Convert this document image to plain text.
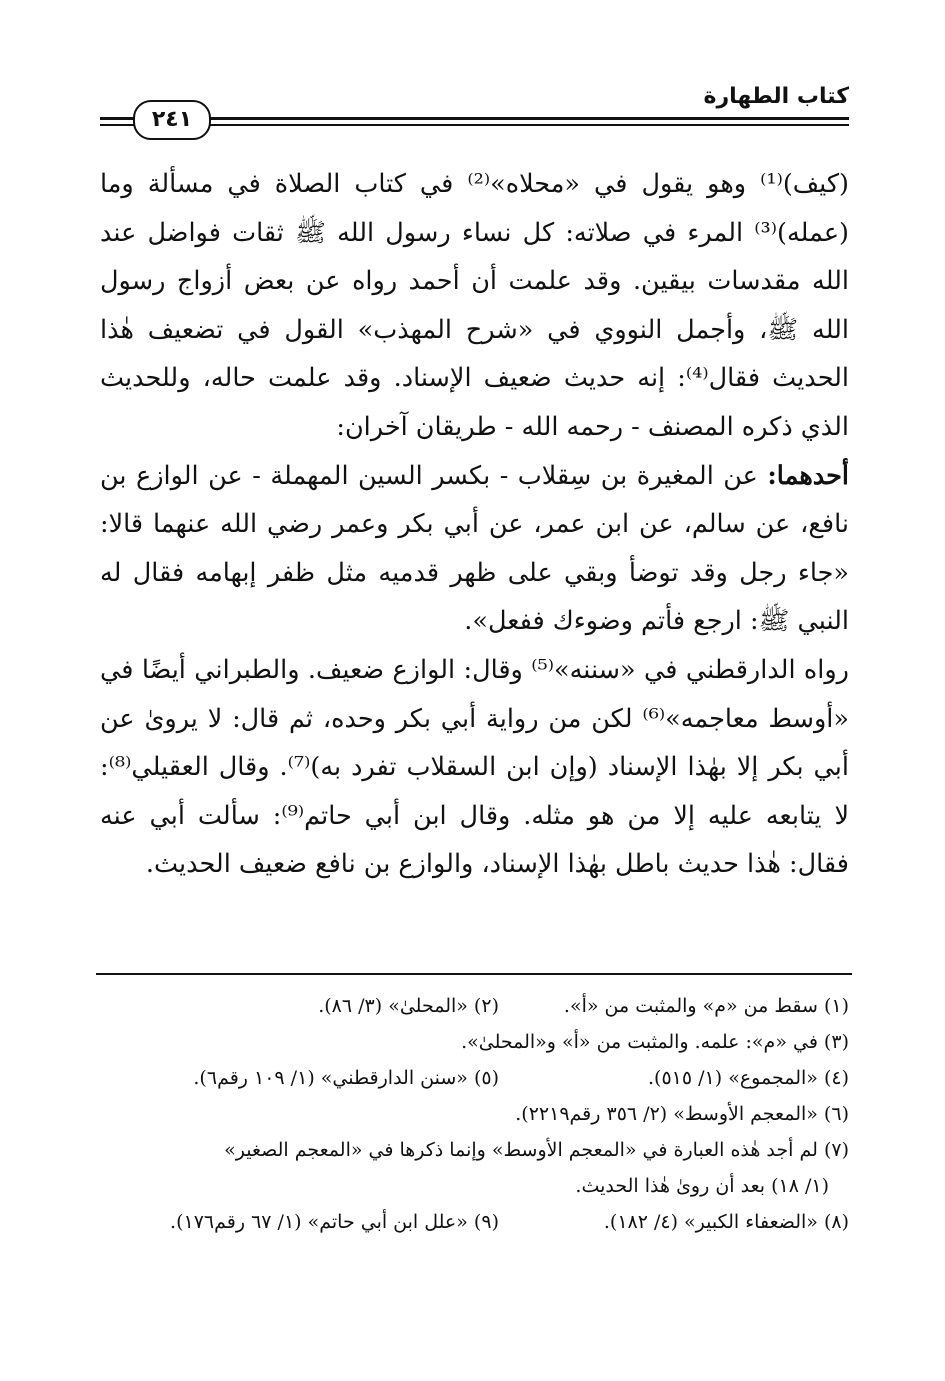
كتاب الطهارة
٢٤١

(كيف)⁽¹⁾ وهو يقول في «محلاه»⁽²⁾ في كتاب الصلاة في مسألة وما (عمله)⁽³⁾ المرء في صلاته: كل نساء رسول الله ﷺ ثقات فواضل عند الله مقدسات بيقين. وقد علمت أن أحمد رواه عن بعض أزواج رسول الله ﷺ، وأجمل النووي في «شرح المهذب» القول في تضعيف هٰذا الحديث فقال⁽⁴⁾: إنه حديث ضعيف الإسناد. وقد علمت حاله، وللحديث الذي ذكره المصنف - رحمه الله - طريقان آخران:

أحدهما: عن المغيرة بن سِقلاب - بكسر السين المهملة - عن الوازع بن نافع، عن سالم، عن ابن عمر، عن أبي بكر وعمر رضي الله عنهما قالا: «جاء رجل وقد توضأ وبقي على ظهر قدميه مثل ظفر إبهامه فقال له النبي ﷺ: ارجع فأتم وضوءك ففعل».

رواه الدارقطني في «سننه»⁽⁵⁾ وقال: الوازع ضعيف. والطبراني أيضًا في «أوسط معاجمه»⁽⁶⁾ لكن من رواية أبي بكر وحده، ثم قال: لا يروىٰ عن أبي بكر إلا بهٰذا الإسناد (وإن ابن السقلاب تفرد به)⁽⁷⁾. وقال العقيلي⁽⁸⁾: لا يتابعه عليه إلا من هو مثله. وقال ابن أبي حاتم⁽⁹⁾: سألت أبي عنه فقال: هٰذا حديث باطل بهٰذا الإسناد، والوازع بن نافع ضعيف الحديث.

(١) سقط من «م» والمثبت من «أ».
(٢) «المحلىٰ» (٣/ ٨٦).
(٣) في «م»: علمه. والمثبت من «أ» و«المحلىٰ».
(٤) «المجموع» (١/ ٥١٥).
(٥) «سنن الدارقطني» (١/ ١٠٩ رقم٦).
(٦) «المعجم الأوسط» (٢/ ٣٥٦ رقم٢٢١٩).
(٧) لم أجد هٰذه العبارة في «المعجم الأوسط» وإنما ذكرها في «المعجم الصغير»
(١/ ١٨) بعد أن روىٰ هٰذا الحديث.
(٨) «الضعفاء الكبير» (٤/ ١٨٢).
(٩) «علل ابن أبي حاتم» (١/ ٦٧ رقم١٧٦).
